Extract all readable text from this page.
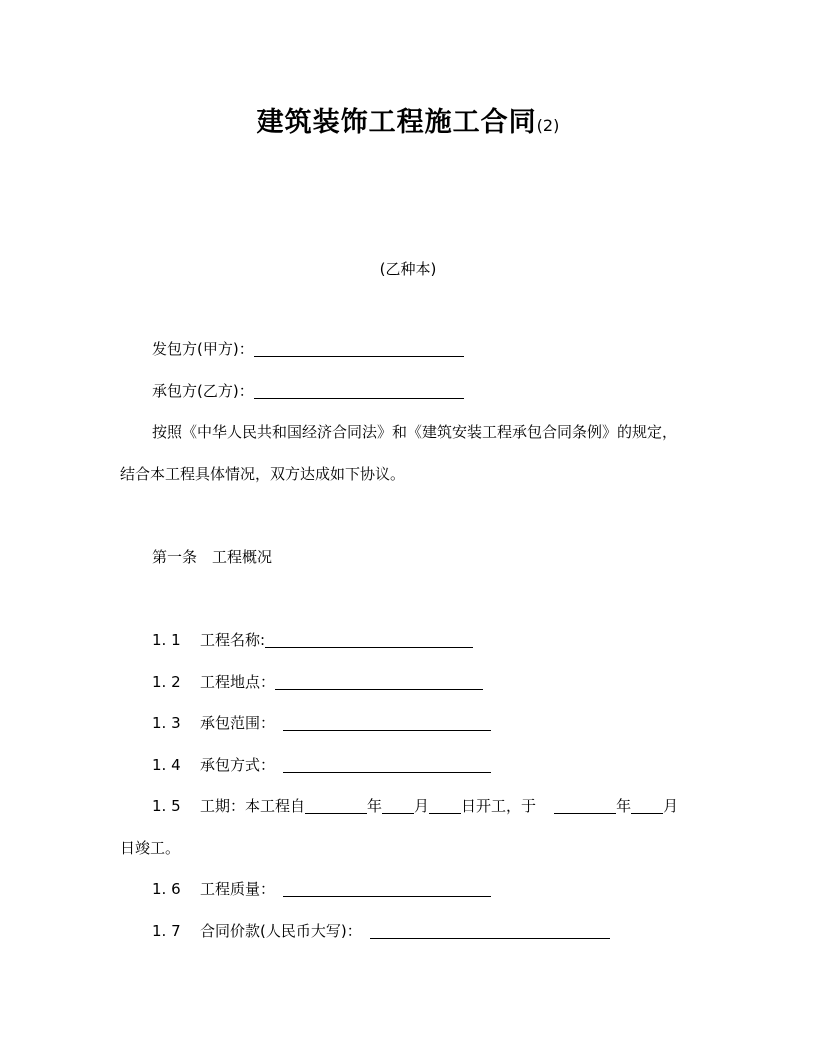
建筑装饰工程施工合同(2)
(乙种本)
发包方(甲方)：
承包方(乙方)：
按照《中华人民共和国经济合同法》和《建筑安装工程承包合同条例》的规定，
结合本工程具体情况，双方达成如下协议。
第一条　工程概况
1. 1 工程名称:
1. 2 工程地点：
1. 3 承包范围：
1. 4 承包方式：
1. 5 工期：本工程自	年 月 日开工，于	年 月
日竣工。
1. 6 工程质量：
1. 7 合同价款(人民币大写)：
